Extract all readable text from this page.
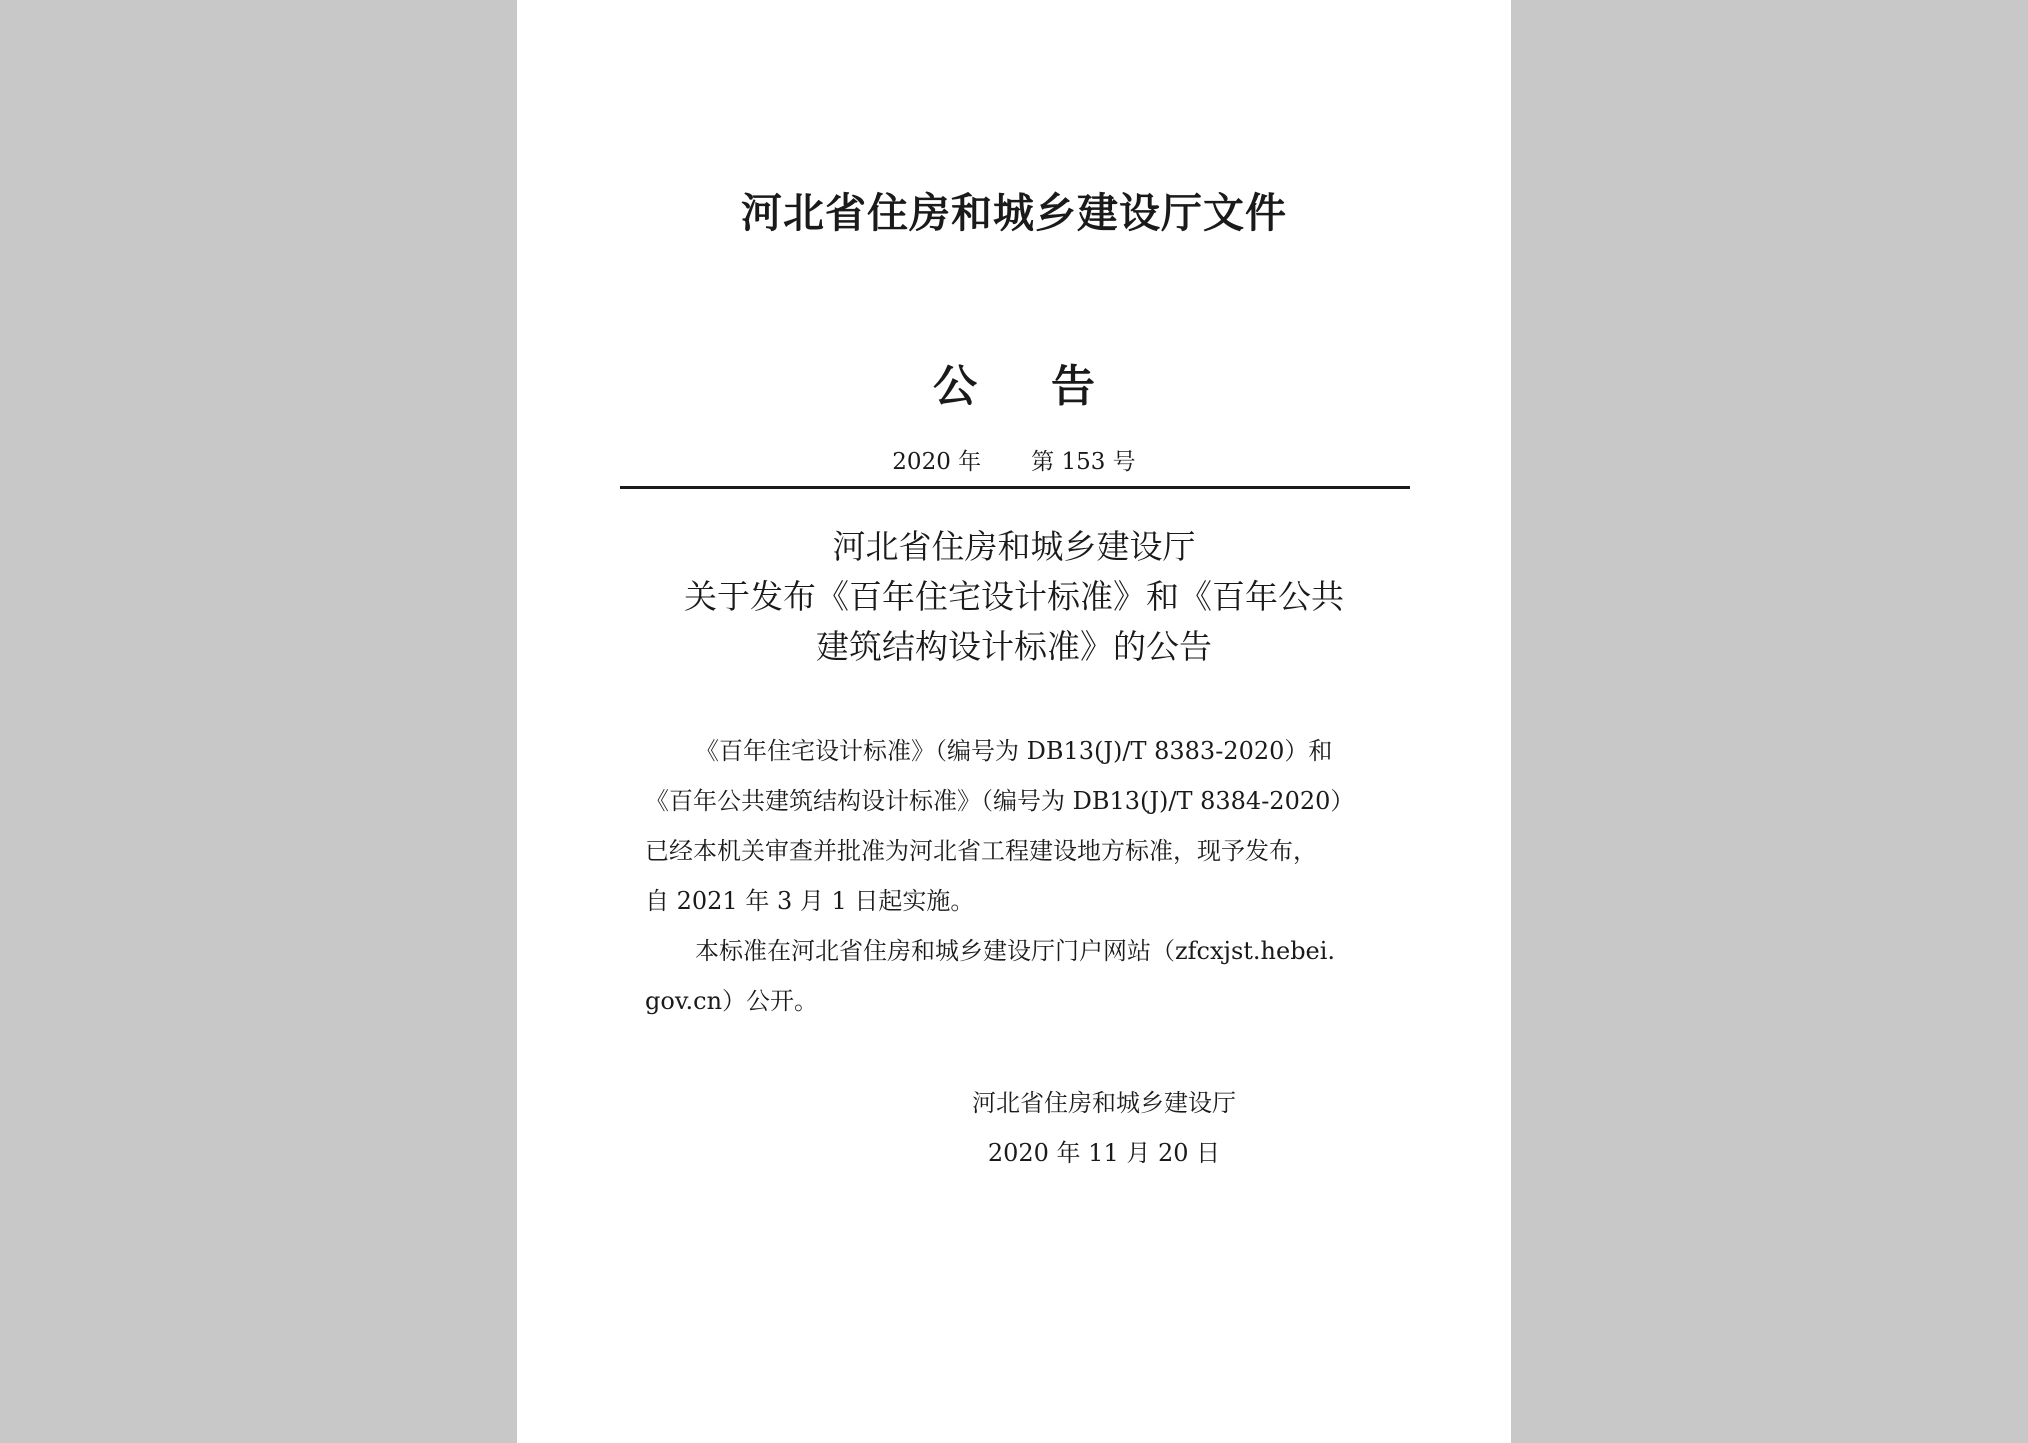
河北省住房和城乡建设厅文件
公 告
2020 年 第 153 号
河北省住房和城乡建设厅
关于发布《百年住宅设计标准》和《百年公共
建筑结构设计标准》的公告
《百年住宅设计标准》（编号为 DB13(J)/T 8383-2020）和
《百年公共建筑结构设计标准》（编号为 DB13(J)/T 8384-2020）
已经本机关审查并批准为河北省工程建设地方标准，现予发布，
自 2021 年 3 月 1 日起实施。
本标准在河北省住房和城乡建设厅门户网站（zfcxjst.hebei.
gov.cn）公开。
河北省住房和城乡建设厅
2020 年 11 月 20 日
